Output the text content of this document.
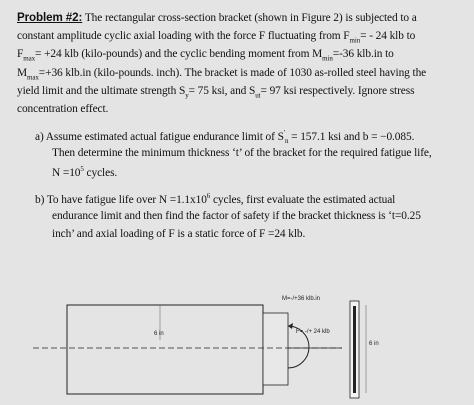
Problem #2: The rectangular cross-section bracket (shown in Figure 2) is subjected to a
constant amplitude cyclic axial loading with the force F fluctuating from $F_{min}= - 24$ klb to
$F_{max}= +24$ klb (kilo-pounds) and the cyclic bending moment from $M_{min}=-36$ klb.in to
$M_{max}=+36$ klb.in (kilo-pounds. inch). The bracket is made of 1030 as-rolled steel having the
yield limit and the ultimate strength $S_y= 75$ ksi, and $S_{ut}= 97$ ksi respectively. Ignore stress
concentration effect.
a) Assume estimated actual fatigue endurance limit of $S'_n = 157.1$ ksi and b = −0.085.
Then determine the minimum thickness ‘t’ of the bracket for the required fatigue life,
$N =10^5$ cycles.
b) To have fatigue life over $N =1.1x10^6$ cycles, first evaluate the estimated actual
endurance limit and then find the factor of safety if the bracket thickness is ‘t=0.25
inch’ and axial loading of F is a static force of F =24 klb.
6 in
M=-/+36 klb.in
F= -/+ 24 klb
6 in
